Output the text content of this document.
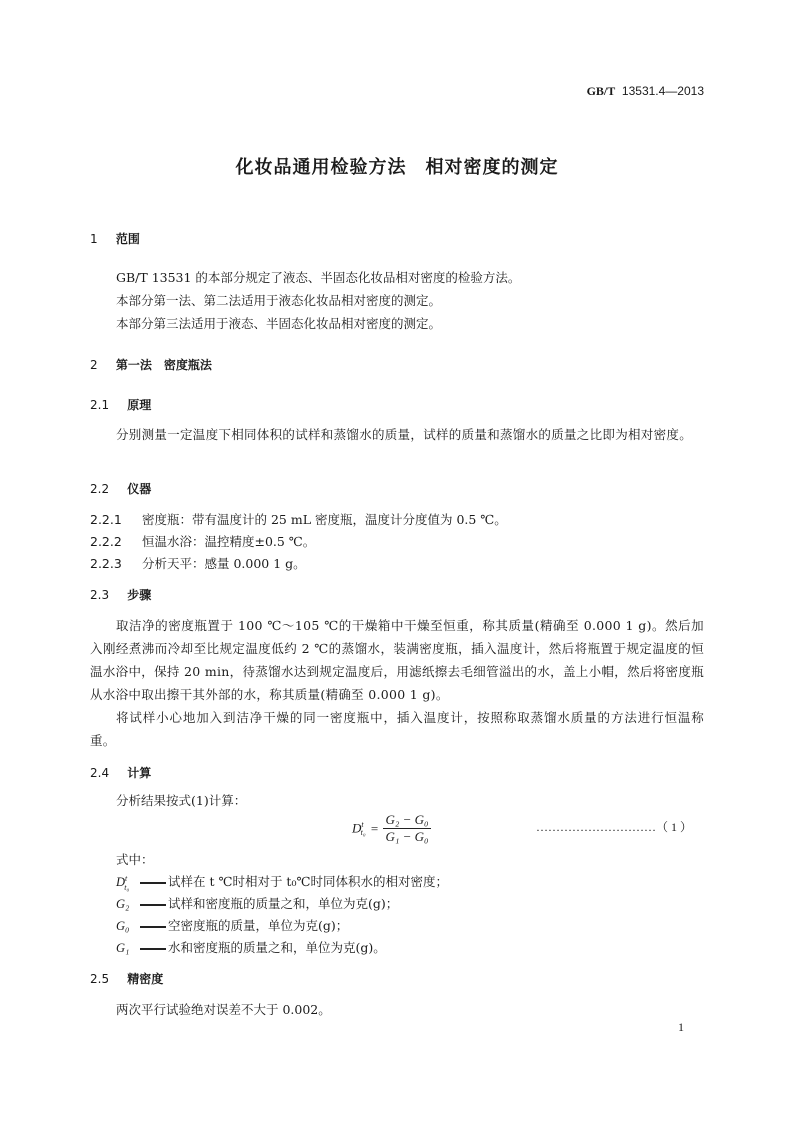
GB/T 13531.4—2013
化妆品通用检验方法　相对密度的测定
1 范围
GB/T 13531 的本部分规定了液态、半固态化妆品相对密度的检验方法。
本部分第一法、第二法适用于液态化妆品相对密度的测定。
本部分第三法适用于液态、半固态化妆品相对密度的测定。
2 第一法　密度瓶法
2.1 原理
分别测量一定温度下相同体积的试样和蒸馏水的质量，试样的质量和蒸馏水的质量之比即为相对密度。
2.2 仪器
2.2.1 密度瓶：带有温度计的 25 mL 密度瓶，温度计分度值为 0.5 ℃。
2.2.2 恒温水浴：温控精度±0.5 ℃。
2.2.3 分析天平：感量 0.000 1 g。
2.3 步骤
取洁净的密度瓶置于 100 ℃～105 ℃的干燥箱中干燥至恒重，称其质量(精确至 0.000 1 g)。然后加入刚经煮沸而冷却至比规定温度低约 2 ℃的蒸馏水，装满密度瓶，插入温度计，然后将瓶置于规定温度的恒温水浴中，保持 20 min，待蒸馏水达到规定温度后，用滤纸擦去毛细管溢出的水，盖上小帽，然后将密度瓶从水浴中取出擦干其外部的水，称其质量(精确至 0.000 1 g)。
将试样小心地加入到洁净干燥的同一密度瓶中，插入温度计，按照称取蒸馏水质量的方法进行恒温称重。
2.4 计算
分析结果按式(1)计算：
$D^t_{t_0} = \frac{\text{G₂ − G₀}}{\text{G₁ − G₀}}$	…………………………（ 1 ）
式中：
$D^t_{t_0}$	试样在 t ℃时相对于 t₀℃时同体积水的相对密度；
G₂	试样和密度瓶的质量之和，单位为克(g)；
G₀	空密度瓶的质量，单位为克(g)；
G₁	水和密度瓶的质量之和，单位为克(g)。
2.5 精密度
两次平行试验绝对误差不大于 0.002。
1
